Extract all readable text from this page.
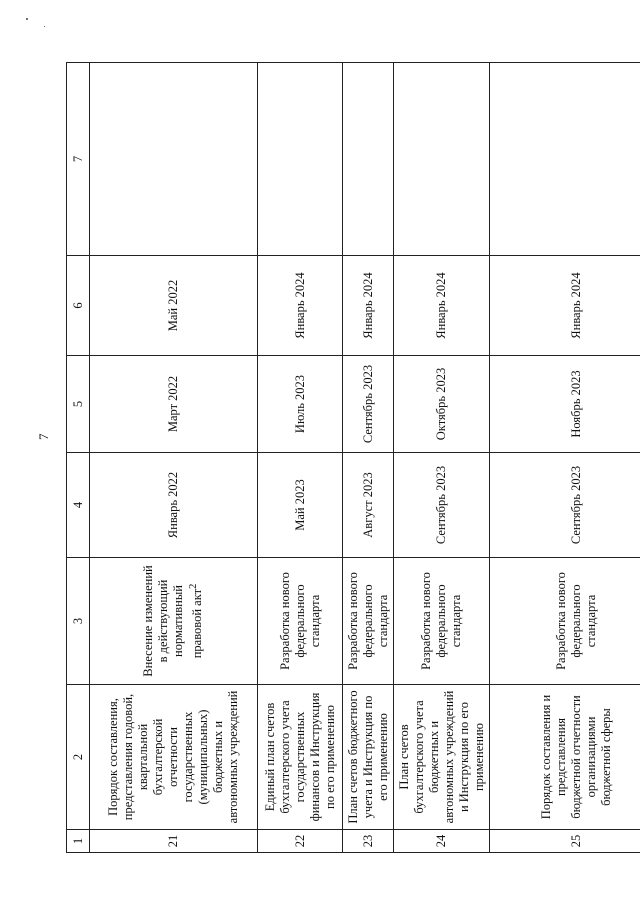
7
1	2	3	4	5	6	7
21	Порядок составления, представления годовой, квартальной бухгалтерской отчетности государственных (муниципальных) бюджетных и автономных учреждений	Внесение изменений в действующий нормативный правовой акт$^2$	Январь 2022	Март 2022	Май 2022	
22	Единый план счетов бухгалтерского учета государственных финансов и Инструкция по его применению	Разработка нового федерального стандарта	Май 2023	Июль 2023	Январь 2024	
23	План счетов бюджетного учета и Инструкция по его применению	Разработка нового федерального стандарта	Август 2023	Сентябрь 2023	Январь 2024	
24	План счетов бухгалтерского учета бюджетных и автономных учреждений и Инструкция по его применению	Разработка нового федерального стандарта	Сентябрь 2023	Октябрь 2023	Январь 2024	
25	Порядок составления и представления бюджетной отчетности организациями бюджетной сферы	Разработка нового федерального стандарта	Сентябрь 2023	Ноябрь 2023	Январь 2024	
